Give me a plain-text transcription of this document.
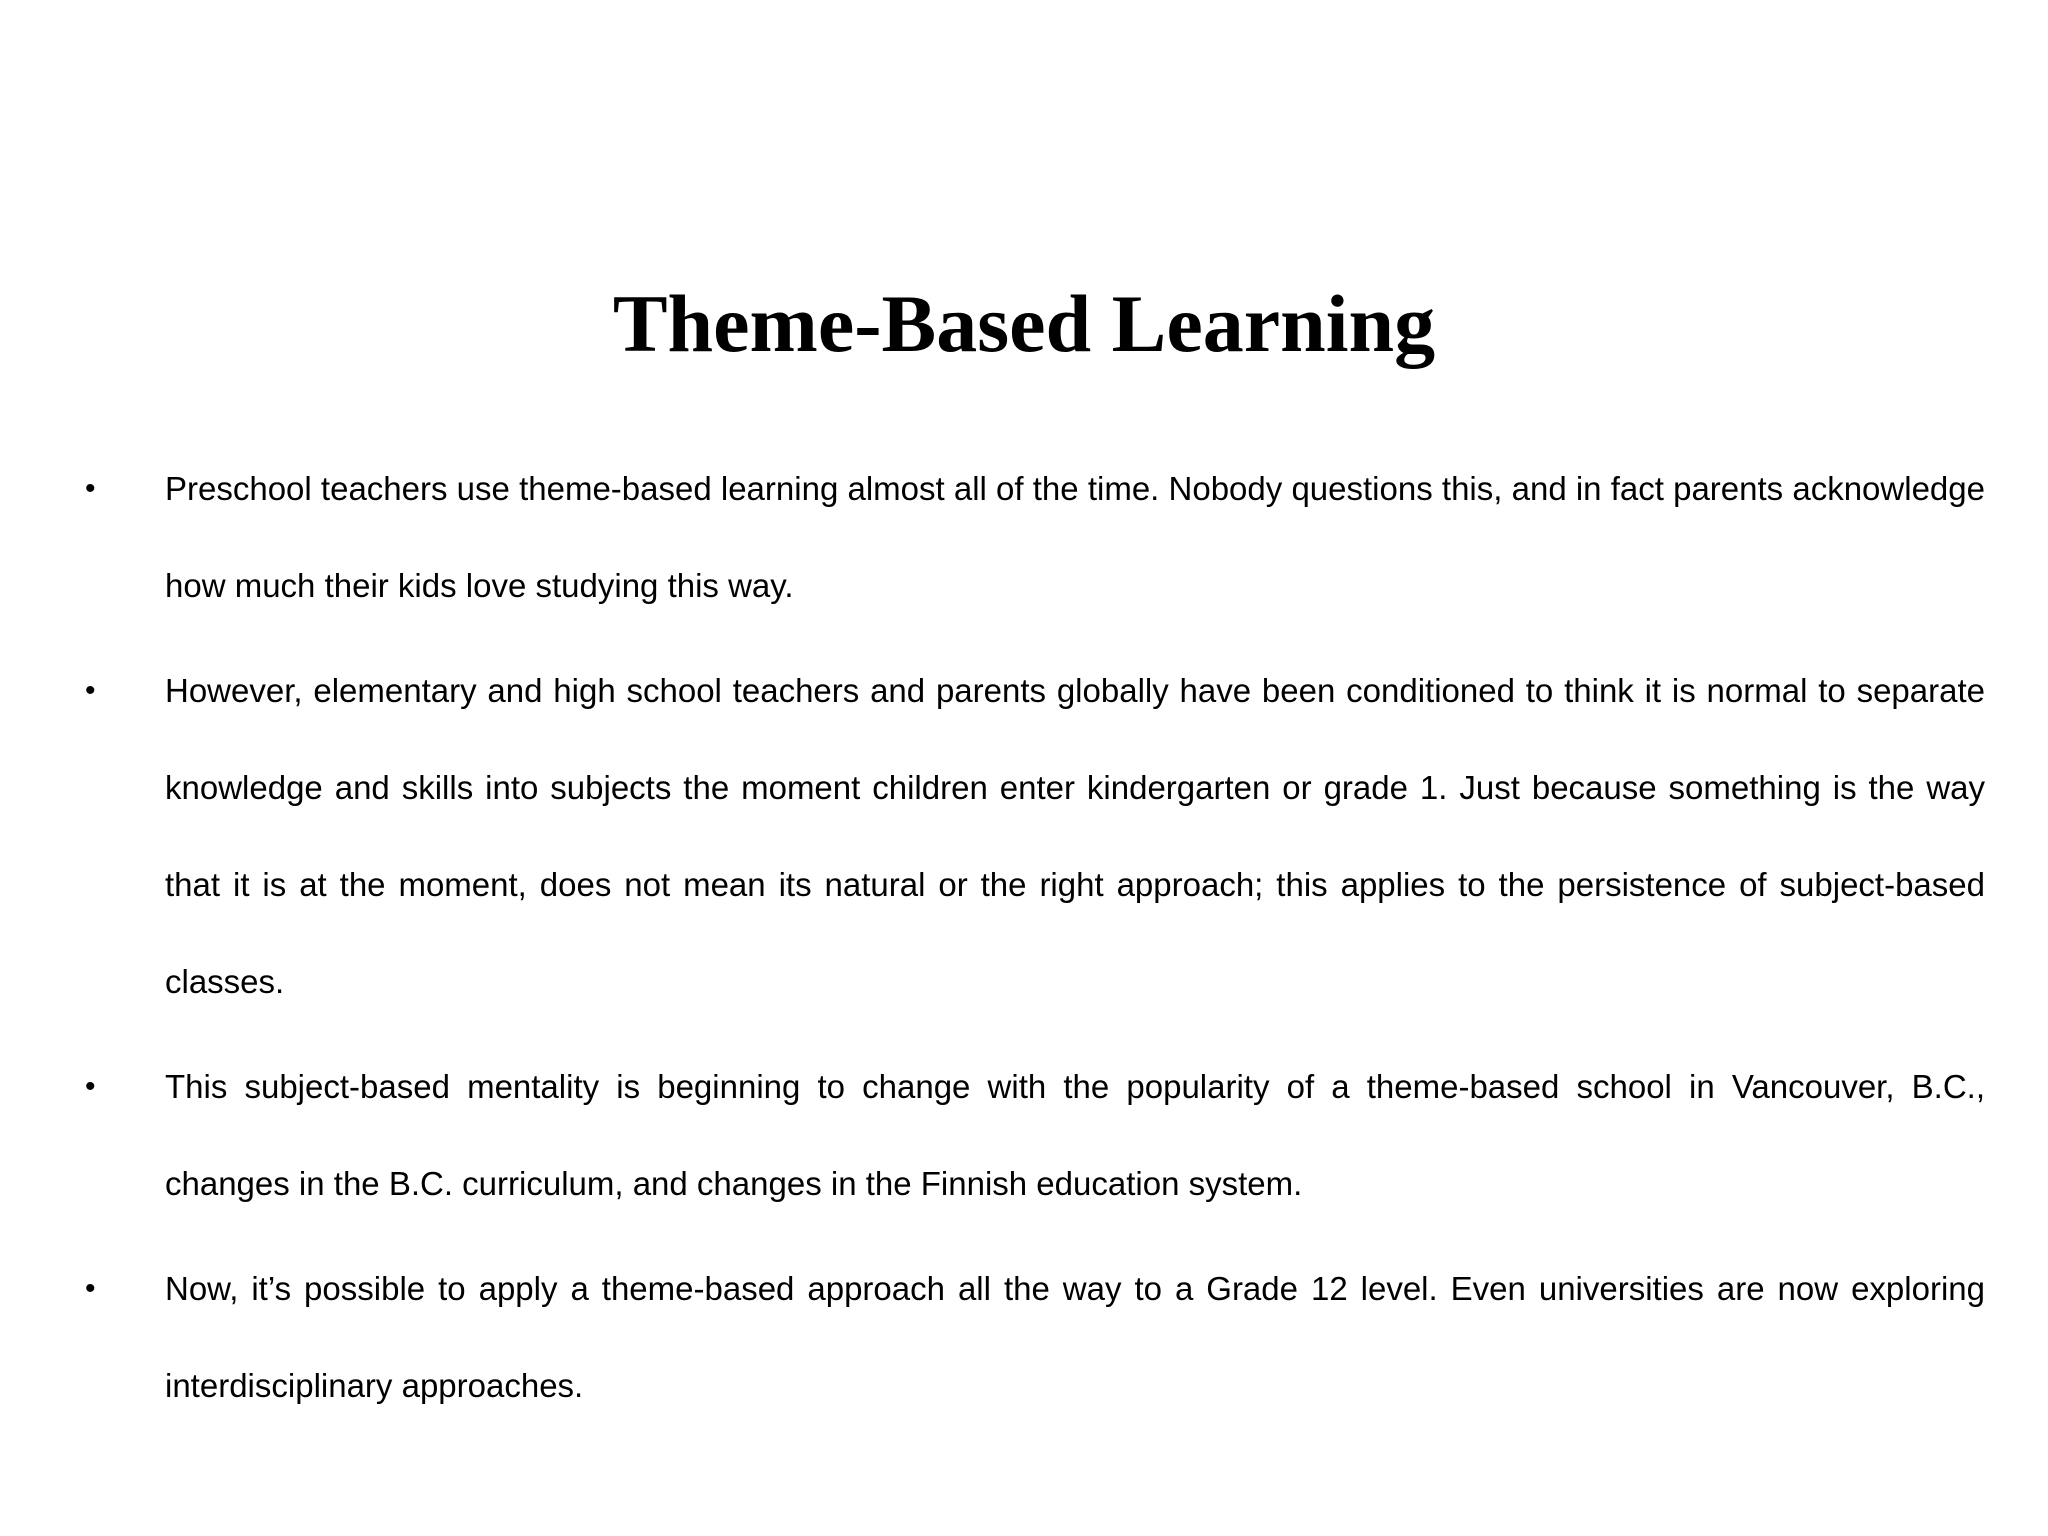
Theme-Based Learning
•	Preschool teachers use theme-based learning almost all of the time. Nobody questions this, and in fact parents acknowledge how much their kids love studying this way.
•	However, elementary and high school teachers and parents globally have been conditioned to think it is normal to separate knowledge and skills into subjects the moment children enter kindergarten or grade 1. Just because something is the way that it is at the moment, does not mean its natural or the right approach; this applies to the persistence of subject-based classes.
•	This subject-based mentality is beginning to change with the popularity of a theme-based school in Vancouver, B.C., changes in the B.C. curriculum, and changes in the Finnish education system.
•	Now, it’s possible to apply a theme-based approach all the way to a Grade 12 level. Even universities are now exploring interdisciplinary approaches.
